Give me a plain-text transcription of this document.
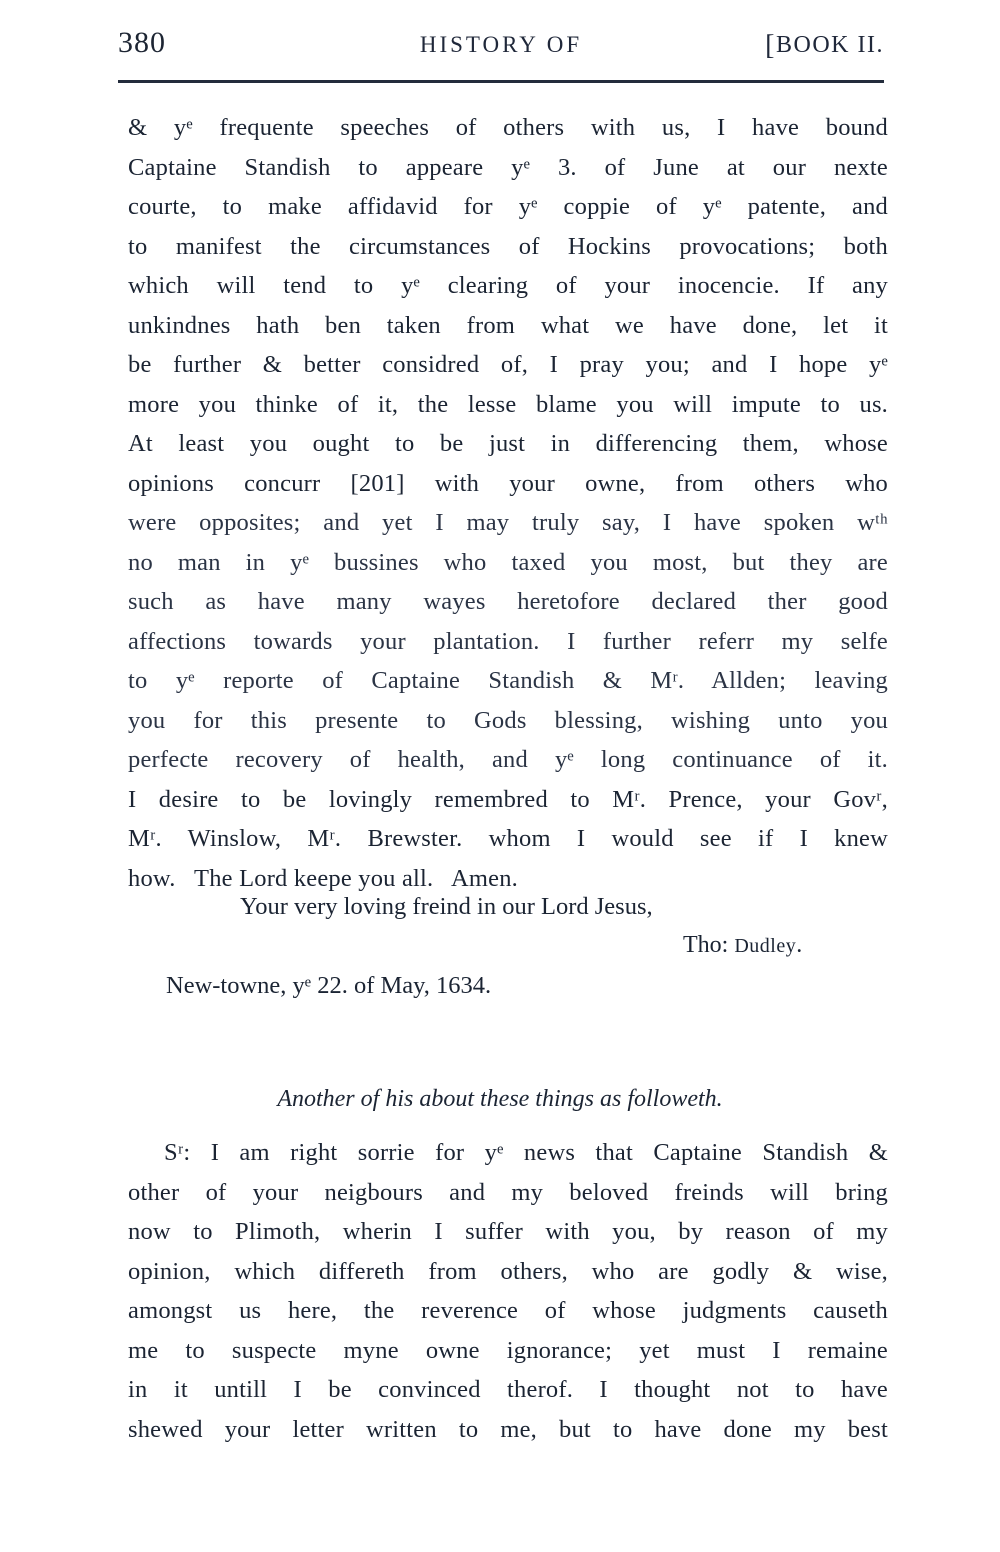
380	HISTORY OF	[BOOK II.
& yᵉ frequente speeches of others with us, I have bound
Captaine Standish to appeare yᵉ 3. of June at our nexte
courte, to make affidavid for yᵉ coppie of yᵉ patente, and
to manifest the circumstances of Hockins provocations; both
which will tend to yᵉ clearing of your inocencie. If any
unkindnes hath ben taken from what we have done, let it
be further & better considred of, I pray you; and I hope yᵉ
more you thinke of it, the lesse blame you will impute to us.
At least you ought to be just in differencing them, whose
opinions concurr [201] with your owne, from others who
were opposites; and yet I may truly say, I have spoken wᵗʰ
no man in yᵉ bussines who taxed you most, but they are
such as have many wayes heretofore declared ther good
affections towards your plantation. I further referr my selfe
to yᵉ reporte of Captaine Standish & Mʳ. Allden; leaving
you for this presente to Gods blessing, wishing unto you
perfecte recovery of health, and yᵉ long continuance of it.
I desire to be lovingly remembred to Mʳ. Prence, your Govʳ,
Mʳ. Winslow, Mʳ. Brewster. whom I would see if I knew
how.   The Lord keepe you all.   Amen.
Your very loving freind in our Lord Jesus,
Tho: Dudley.
New-towne, yᵉ 22. of May, 1634.
Another of his about these things as followeth.
Sʳ: I am right sorrie for yᵉ news that Captaine Standish &
other of your neigbours and my beloved freinds will bring
now to Plimoth, wherin I suffer with you, by reason of my
opinion, which differeth from others, who are godly & wise,
amongst us here, the reverence of whose judgments causeth
me to suspecte myne owne ignorance; yet must I remaine
in it untill I be convinced therof. I thought not to have
shewed your letter written to me, but to have done my best
